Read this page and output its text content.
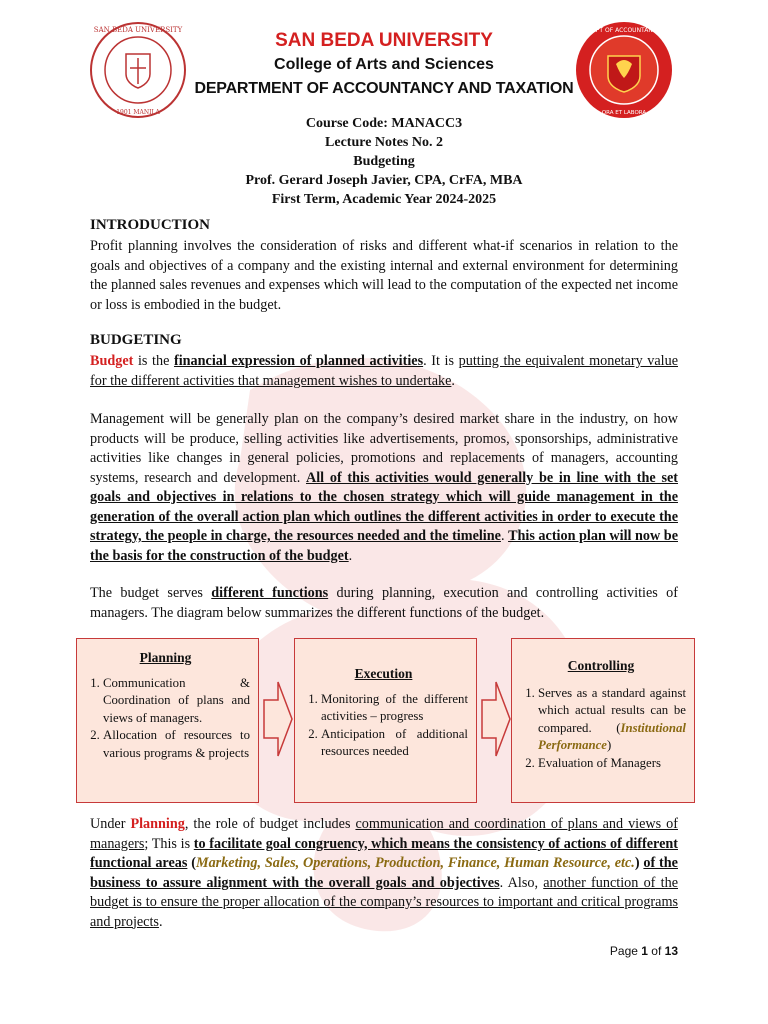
SAN BEDA UNIVERSITY
1901 MANILA
DEPT OF ACCOUNTANCY
ORA ET LABORA
SAN BEDA UNIVERSITY
College of Arts and Sciences
DEPARTMENT OF ACCOUNTANCY AND TAXATION
Course Code: MANACC3
Lecture Notes No. 2
Budgeting
Prof. Gerard Joseph Javier, CPA, CrFA, MBA
First Term, Academic Year 2024-2025
INTRODUCTION
Profit planning involves the consideration of risks and different what-if scenarios in relation to the goals and objectives of a company and the existing internal and external environment for determining the planned sales revenues and expenses which will lead to the computation of the expected net income or loss is embodied in the budget.
BUDGETING
Budget is the financial expression of planned activities. It is putting the equivalent monetary value for the different activities that management wishes to undertake.
Management will be generally plan on the company’s desired market share in the industry, on how products will be produce, selling activities like advertisements, promos, sponsorships, administrative activities like changes in general policies, promotions and replacements of managers, accounting systems, research and development. All of this activities would generally be in line with the set goals and objectives in relations to the chosen strategy which will guide management in the generation of the overall action plan which outlines the different activities in order to execute the strategy, the people in charge, the resources needed and the timeline. This action plan will now be the basis for the construction of the budget.
The budget serves different functions during planning, execution and controlling activities of managers. The diagram below summarizes the different functions of the budget.
Planning
1. Communication & Coordination of plans and views of managers.
2. Allocation of resources to various programs & projects
Execution
1. Monitoring of the different activities – progress
2. Anticipation of additional resources needed
Controlling
1. Serves as a standard against which actual results can be compared. (Institutional Performance)
2. Evaluation of Managers
Under Planning, the role of budget includes communication and coordination of plans and views of managers; This is to facilitate goal congruency, which means the consistency of actions of different functional areas (Marketing, Sales, Operations, Production, Finance, Human Resource, etc.) of the business to assure alignment with the overall goals and objectives. Also, another function of the budget is to ensure the proper allocation of the company’s resources to important and critical programs and projects.
Page 1 of 13
